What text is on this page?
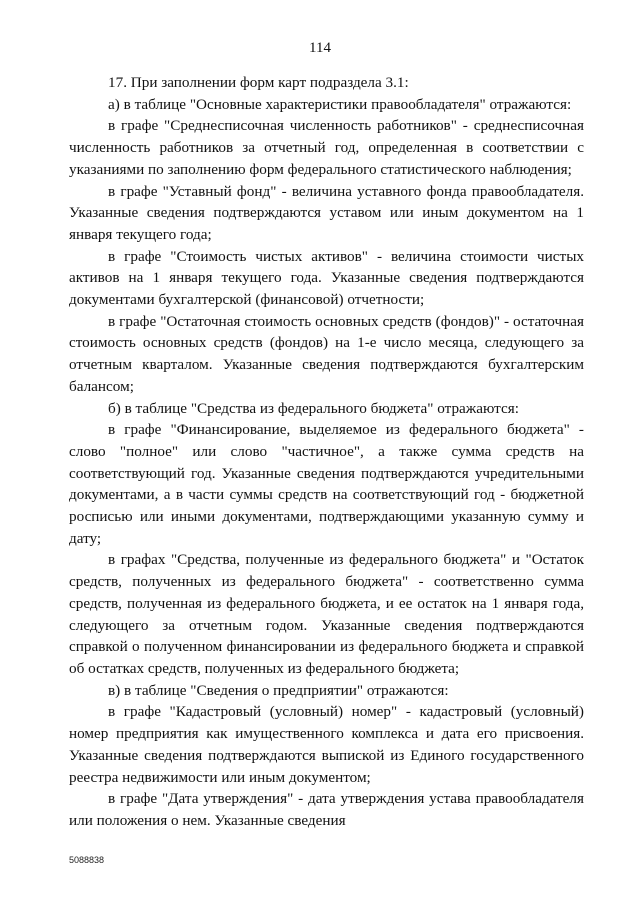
114

17. При заполнении форм карт подраздела 3.1:

а) в таблице "Основные характеристики правообладателя" отражаются:

в графе "Среднесписочная численность работников" - среднесписочная численность работников за отчетный год, определенная в соответствии с указаниями по заполнению форм федерального статистического наблюдения;

в графе "Уставный фонд" - величина уставного фонда правообладателя. Указанные сведения подтверждаются уставом или иным документом на 1 января текущего года;

в графе "Стоимость чистых активов" - величина стоимости чистых активов на 1 января текущего года. Указанные сведения подтверждаются документами бухгалтерской (финансовой) отчетности;

в графе "Остаточная стоимость основных средств (фондов)" - остаточная стоимость основных средств (фондов) на 1-е число месяца, следующего за отчетным кварталом. Указанные сведения подтверждаются бухгалтерским балансом;

б) в таблице "Средства из федерального бюджета" отражаются:

в графе "Финансирование, выделяемое из федерального бюджета" - слово "полное" или слово "частичное", а также сумма средств на соответствующий год. Указанные сведения подтверждаются учредительными документами, а в части суммы средств на соответствующий год - бюджетной росписью или иными документами, подтверждающими указанную сумму и дату;

в графах "Средства, полученные из федерального бюджета" и "Остаток средств, полученных из федерального бюджета" - соответственно сумма средств, полученная из федерального бюджета, и ее остаток на 1 января года, следующего за отчетным годом. Указанные сведения подтверждаются справкой о полученном финансировании из федерального бюджета и справкой об остатках средств, полученных из федерального бюджета;

в) в таблице "Сведения о предприятии" отражаются:

в графе "Кадастровый (условный) номер" - кадастровый (условный) номер предприятия как имущественного комплекса и дата его присвоения. Указанные сведения подтверждаются выпиской из Единого государственного реестра недвижимости или иным документом;

в графе "Дата утверждения" - дата утверждения устава правообладателя или положения о нем. Указанные сведения

5088838
